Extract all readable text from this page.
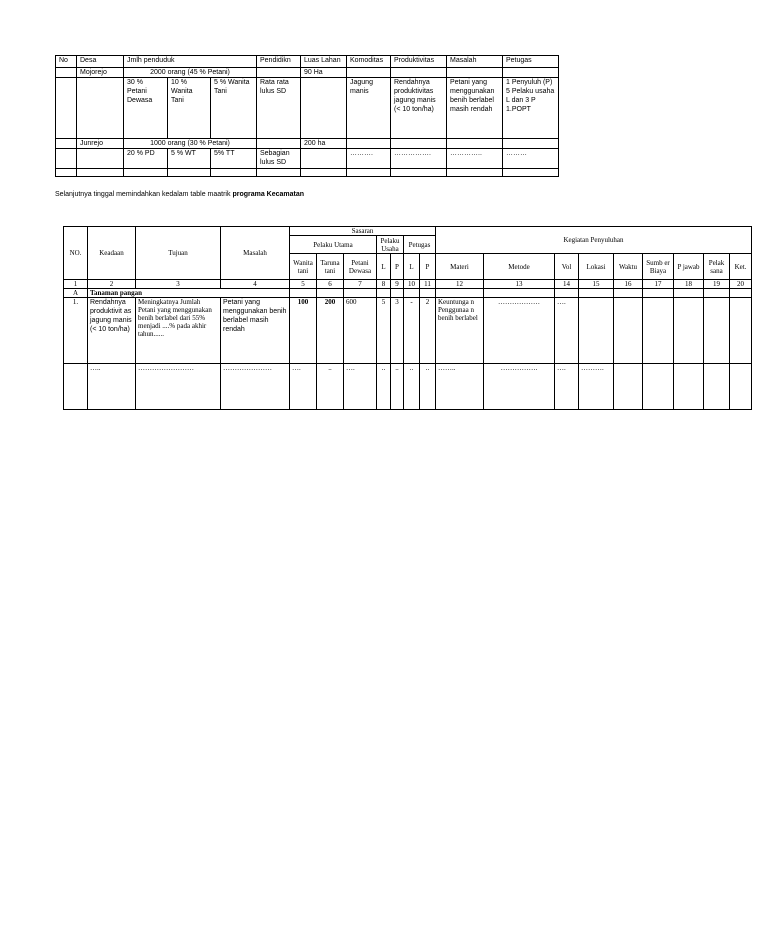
No	Desa	Jmlh penduduk			Pendidikn	Luas Lahan	Komoditas	Produktivitas	Masalah	Petugas
	Mojorejo	2000 orang (45 % Petani)				90 Ha				
		30 % Petani Dewasa	10 % Wanita Tani	5 % Wanita Tani	Rata rata lulus SD		Jagung manis	Rendahnya produktivitas jagung manis (< 10 ton/ha)	Petani yang menggunakan benih berlabel masih rendah	1 Penyuluh (P)
5 Pelaku usaha L dan 3 P
1.POPT
	Junrejo	1000 orang (30 % Petani)				200 ha				
		20 % PD	5 % WT	5% TT	Sebagian lulus SD		……….	…………….	…………..	………

Selanjutnya tinggal memindahkan kedalam table maatrik programa Kecamatan
NO.	Keadaan	Tujuan	Masalah	Sasaran							Kegiatan Penyuluhan								
				Pelaku Utama			Pelaku Usaha		Petugas										
				Wanita tani	Taruna tani	Petani Dewasa	L	P	L	P	Materi	Metode	Vol	Lokasi	Waktu	Sumb er Biaya	P jawab	Pelak sana	Ket.
1	2	3	4	5	6	7	8	9	10	11	12	13	14	15	16	17	18	19	20
A	Tanaman pangan																		
1.	Rendahnya produktivit as jagung manis (< 10 ton/ha)	Meningkatnya Jumlah Petani yang menggunakan benih berlabel dari 55% menjadi ....% pada akhir tahun......	Petani yang menggunakan benih berlabel masih rendah	100	200	600	5	3	-	2	Keuntunga n Penggunaa n benih berlabel	………………	….						
	…..	……………………	…………………	….	..	….	..	..	..	..	……..	…………….	….	……….					
